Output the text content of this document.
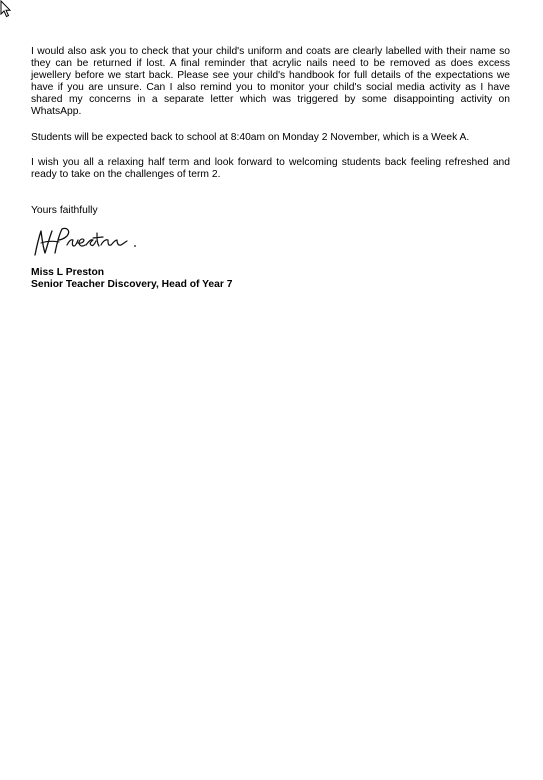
I would also ask you to check that your child's uniform and coats are clearly labelled with their name so they can be returned if lost. A final reminder that acrylic nails need to be removed as does excess jewellery before we start back. Please see your child's handbook for full details of the expectations we have if you are unsure. Can I also remind you to monitor your child's social media activity as I have shared my concerns in a separate letter which was triggered by some disappointing activity on WhatsApp.

Students will be expected back to school at 8:40am on Monday 2 November, which is a Week A.

I wish you all a relaxing half term and look forward to welcoming students back feeling refreshed and ready to take on the challenges of term 2.

Yours faithfully

Miss L Preston

Senior Teacher Discovery, Head of Year 7
